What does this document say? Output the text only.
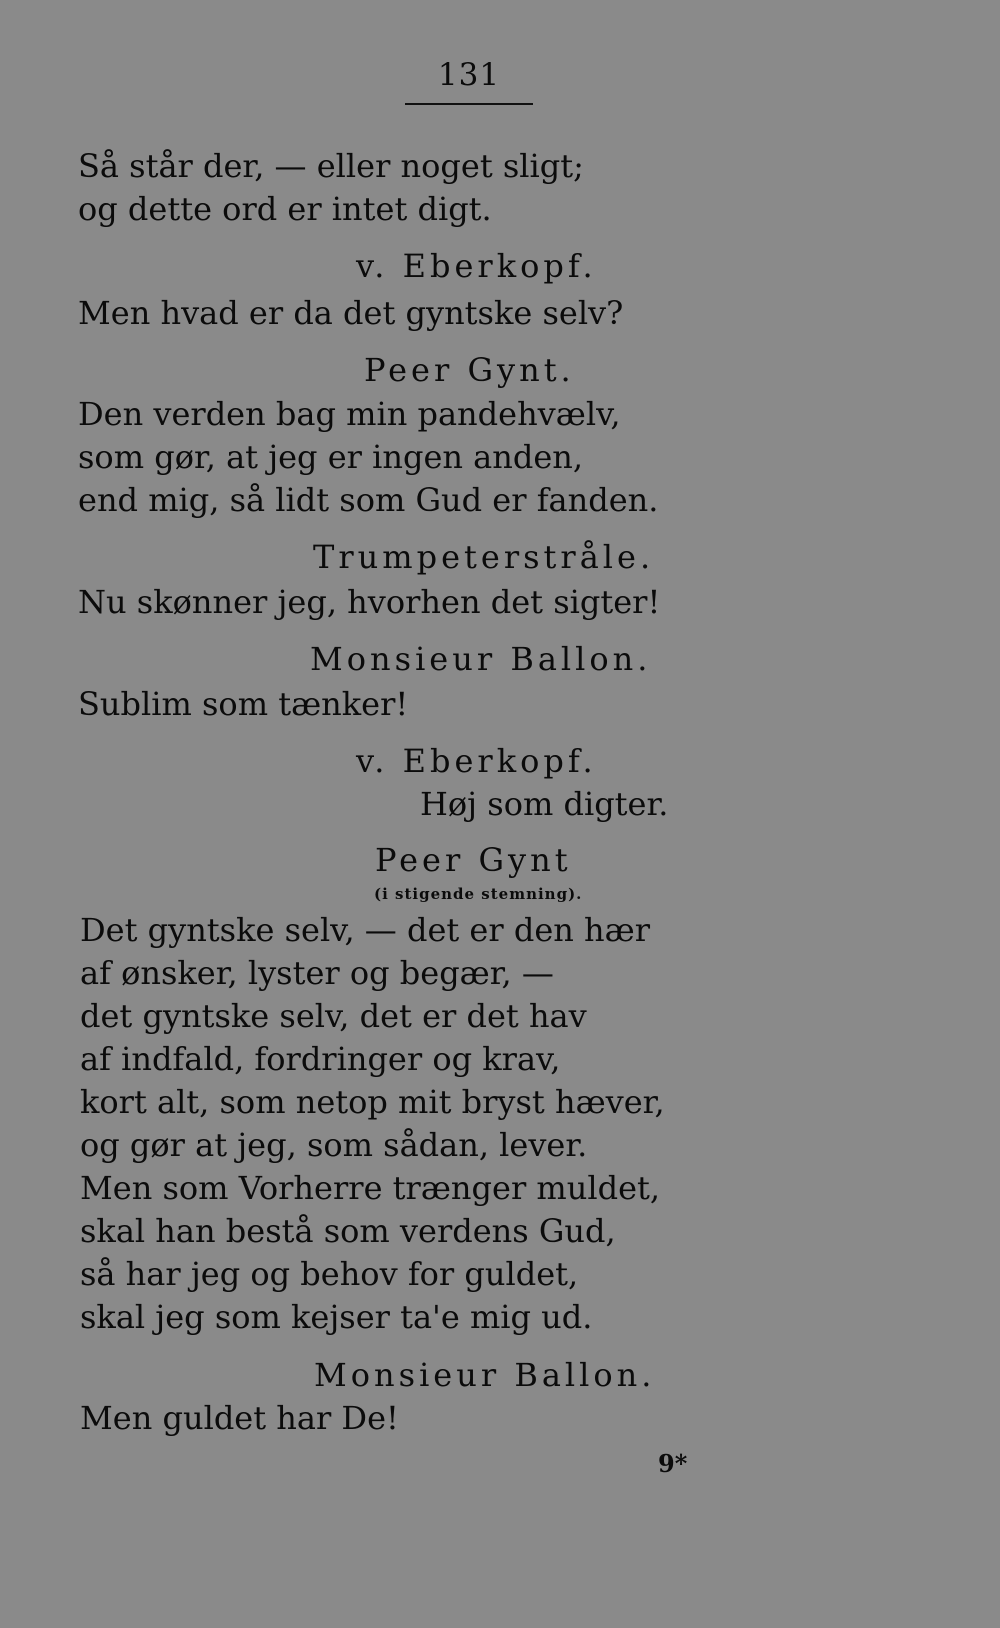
131
Så står der, — eller noget sligt;
og dette ord er intet digt.
v. Eberkopf.
Men hvad er da det gyntske selv?
Peer Gynt.
Den verden bag min pandehvælv,
som gør, at jeg er ingen anden,
end mig, så lidt som Gud er fanden.
Trumpeterstråle.
Nu skønner jeg, hvorhen det sigter!
Monsieur Ballon.
Sublim som tænker!
v. Eberkopf.
Høj som digter.
Peer Gynt
(i stigende stemning).
Det gyntske selv, — det er den hær
af ønsker, lyster og begær, —
det gyntske selv, det er det hav
af indfald, fordringer og krav,
kort alt, som netop mit bryst hæver,
og gør at jeg, som sådan, lever.
Men som Vorherre trænger muldet,
skal han bestå som verdens Gud,
så har jeg og behov for guldet,
skal jeg som kejser ta'e mig ud.
Monsieur Ballon.
Men guldet har De!
9*
